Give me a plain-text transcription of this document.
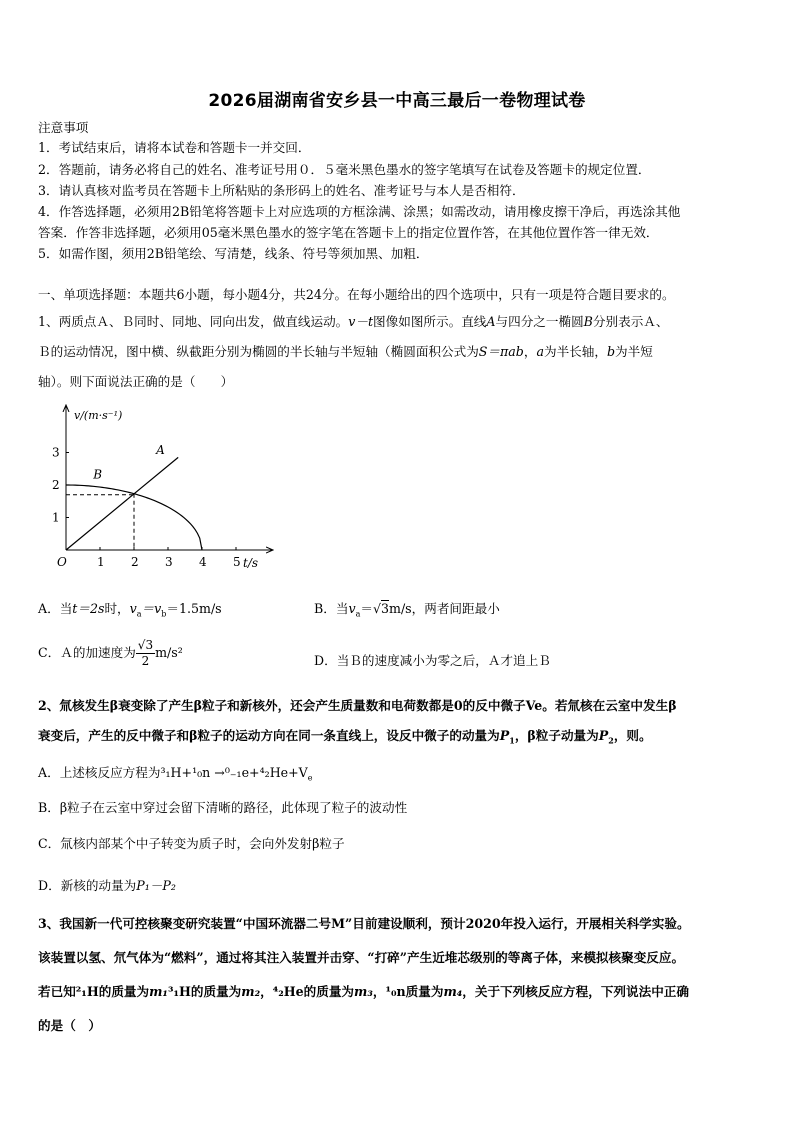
2026届湖南省安乡县一中高三最后一卷物理试卷
注意事项
1．考试结束后，请将本试卷和答题卡一并交回．
2．答题前，请务必将自己的姓名、准考证号用０．５毫米黑色墨水的签字笔填写在试卷及答题卡的规定位置．
3．请认真核对监考员在答题卡上所粘贴的条形码上的姓名、准考证号与本人是否相符．
4．作答选择题，必须用2B铅笔将答题卡上对应选项的方框涂满、涂黑；如需改动，请用橡皮擦干净后，再选涂其他
答案．作答非选择题，必须用05毫米黑色墨水的签字笔在答题卡上的指定位置作答，在其他位置作答一律无效．
5．如需作图，须用2B铅笔绘、写清楚，线条、符号等须加黑、加粗．
一、单项选择题：本题共6小题，每小题4分，共24分。在每小题给出的四个选项中，只有一项是符合题目要求的。
1、两质点Ａ、Ｂ同时、同地、同向出发，做直线运动。v－t图像如图所示。直线A与四分之一椭圆B分别表示Ａ、
Ｂ的运动情况，图中横、纵截距分别为椭圆的半长轴与半短轴（椭圆面积公式为S＝πab，a为半长轴，b为半短
轴）。则下面说法正确的是（　　）
1 2 3 4 5
1
2
3
v/(m·s⁻¹)
t/s
O
A
B
A．当t＝2s时，$v_a=v_b=1.5m/s$	B．当$v_a=√3m/s$，两者间距最小
C．Ａ的加速度为 $\frac{√3}{2} m/s^2$
D．当Ｂ的速度减小为零之后，Ａ才追上Ｂ
2、氚核发生β衰变除了产生β粒子和新核外，还会产生质量数和电荷数都是0的反中微子Ve。若氚核在云室中发生β
衰变后，产生的反中微子和β粒子的运动方向在同一条直线上，设反中微子的动量为$P_1$，β粒子动量为$P_2$，则。
A．上述核反应方程为$^3_1H+^1_0n \to^0_{-1}e+^4_2He+V_e$
B．β粒子在云室中穿过会留下清晰的路径，此体现了粒子的波动性
C．氚核内部某个中子转变为质子时，会向外发射β粒子
D．新核的动量为P₁－P₂
3、我国新一代可控核聚变研究装置“中国环流器二号M”目前建设顺利，预计2020年投入运行，开展相关科学实验。
该装置以氢、氘气体为“燃料”，通过将其注入装置并击穿、“打碎”产生近堆芯级别的等离子体，来模拟核聚变反应。
若已知²₁H的质量为m₁³₁H的质量为m₂，⁴₂He的质量为m₃，¹₀n质量为m₄，关于下列核反应方程，下列说法中正确
的是（　）
